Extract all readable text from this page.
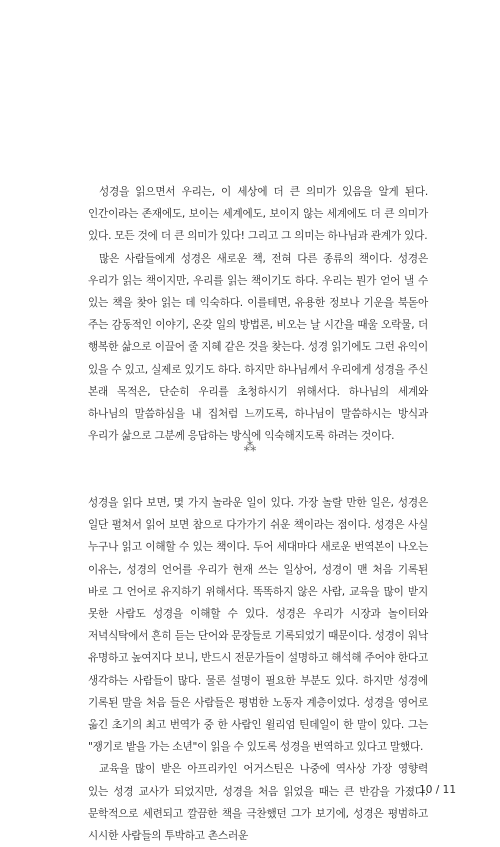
성경을 읽으면서 우리는, 이 세상에 더 큰 의미가 있음을 알게 된다. 인간이라는 존재에도, 보이는 세계에도, 보이지 않는 세계에도 더 큰 의미가 있다. 모든 것에 더 큰 의미가 있다! 그리고 그 의미는 하나님과 관계가 있다.

많은 사람들에게 성경은 새로운 책, 전혀 다른 종류의 책이다. 성경은 우리가 읽는 책이지만, 우리를 읽는 책이기도 하다. 우리는 뭔가 얻어 낼 수 있는 책을 찾아 읽는 데 익숙하다. 이를테면, 유용한 정보나 기운을 북돋아 주는 감동적인 이야기, 온갖 일의 방법론, 비오는 날 시간을 때울 오락물, 더 행복한 삶으로 이끌어 줄 지혜 같은 것을 찾는다. 성경 읽기에도 그런 유익이 있을 수 있고, 실제로 있기도 하다. 하지만 하나님께서 우리에게 성경을 주신 본래 목적은, 단순히 우리를 초청하시기 위해서다. 하나님의 세계와 하나님의 말씀하심을 내 집처럼 느끼도록, 하나님이 말씀하시는 방식과 우리가 삶으로 그분께 응답하는 방식에 익숙해지도록 하려는 것이다.

⁂

성경을 읽다 보면, 몇 가지 놀라운 일이 있다. 가장 놀랄 만한 일은, 성경은 일단 펼쳐서 읽어 보면 참으로 다가가기 쉬운 책이라는 점이다. 성경은 사실 누구나 읽고 이해할 수 있는 책이다. 두어 세대마다 새로운 번역본이 나오는 이유는, 성경의 언어를 우리가 현재 쓰는 일상어, 성경이 맨 처음 기록된 바로 그 언어로 유지하기 위해서다. 똑똑하지 않은 사람, 교육을 많이 받지 못한 사람도 성경을 이해할 수 있다. 성경은 우리가 시장과 놀이터와 저녁식탁에서 흔히 듣는 단어와 문장들로 기록되었기 때문이다. 성경이 워낙 유명하고 높여지다 보니, 반드시 전문가들이 설명하고 해석해 주어야 한다고 생각하는 사람들이 많다. 물론 설명이 필요한 부분도 있다. 하지만 성경에 기록된 말을 처음 들은 사람들은 평범한 노동자 계층이었다. 성경을 영어로 옮긴 초기의 최고 번역가 중 한 사람인 윌리엄 틴데일이 한 말이 있다. 그는 "쟁기로 밭을 가는 소년"이 읽을 수 있도록 성경을 번역하고 있다고 말했다.

교육을 많이 받은 아프리카인 어거스틴은 나중에 역사상 가장 영향력 있는 성경 교사가 되었지만, 성경을 처음 읽었을 때는 큰 반감을 가졌다. 문학적으로 세련되고 깔끔한 책을 극찬했던 그가 보기에, 성경은 평범하고 시시한 사람들의 투박하고 촌스러운

10 / 11
